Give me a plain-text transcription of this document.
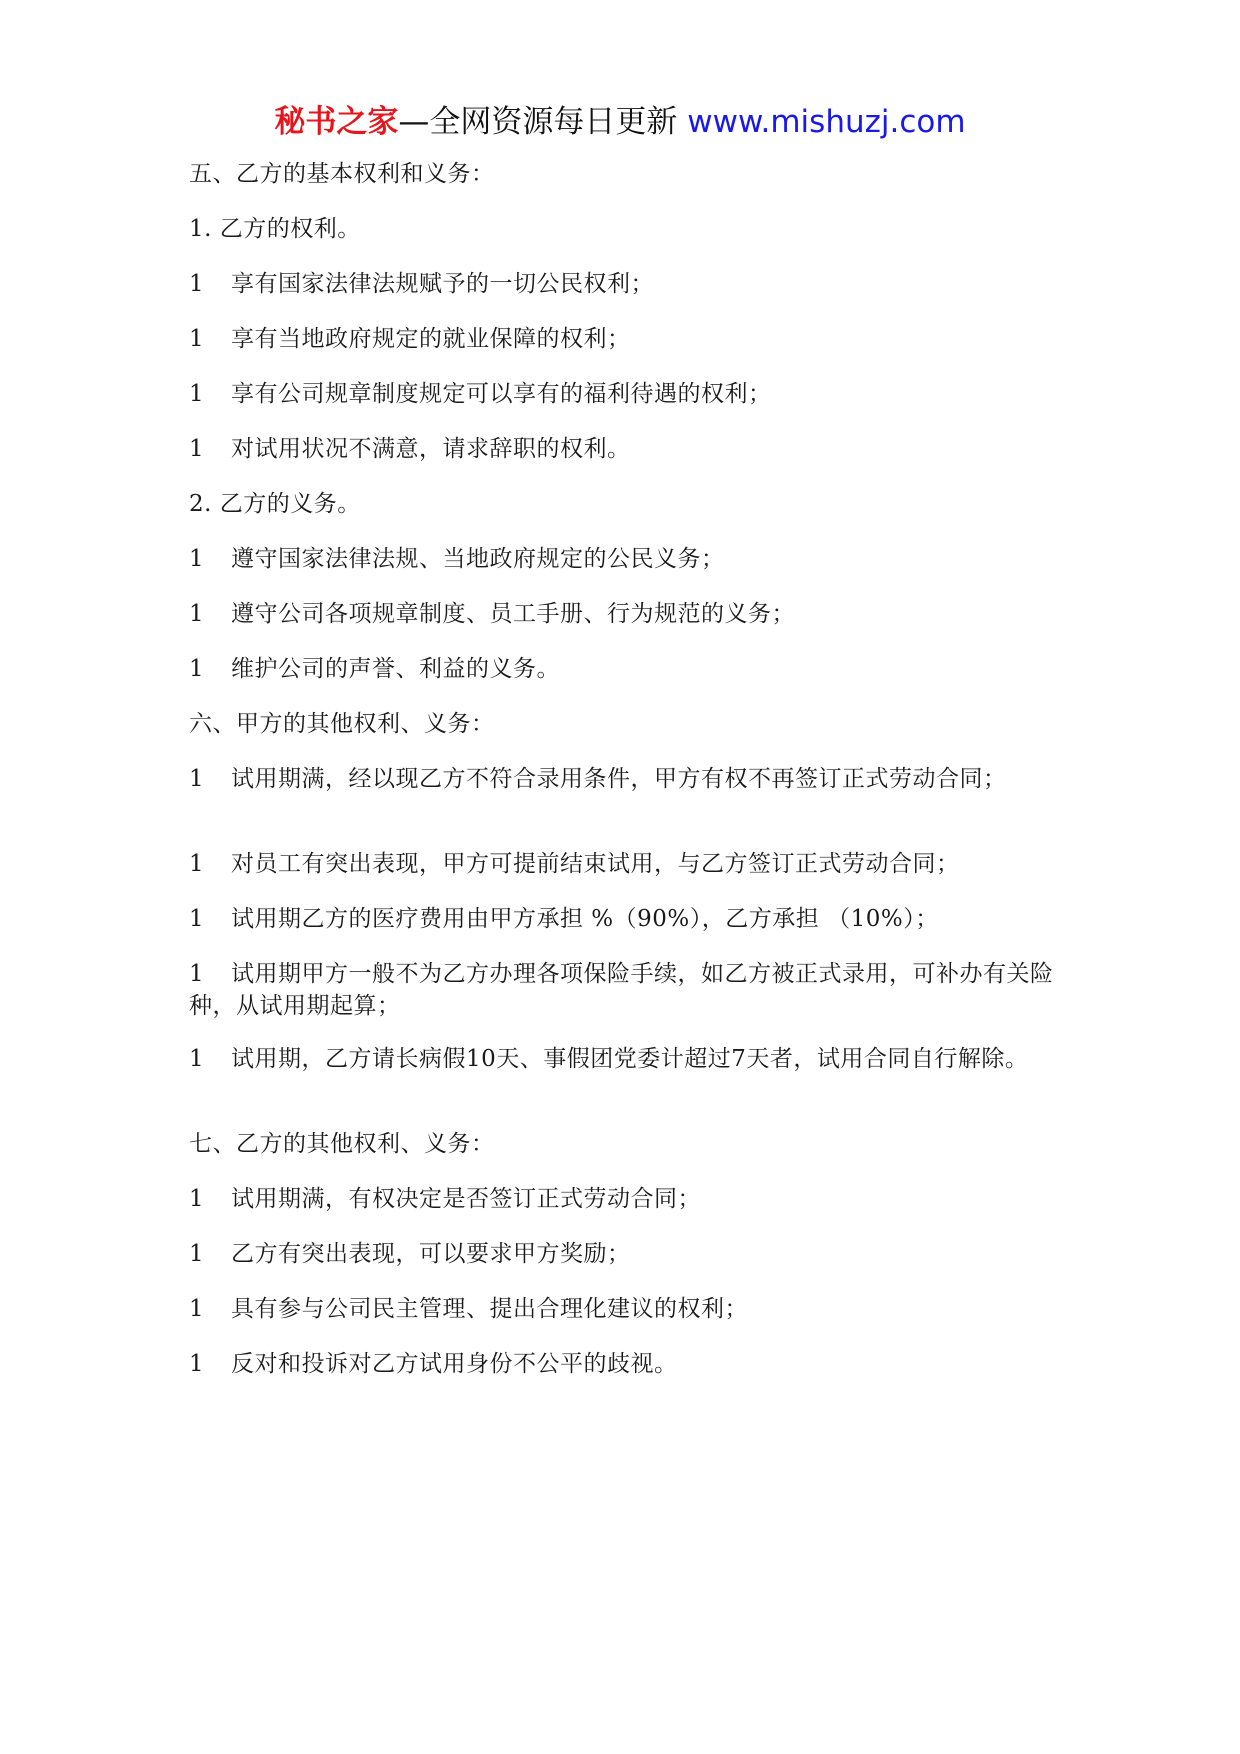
秘书之家—全网资源每日更新 www.mishuzj.com

五、乙方的基本权利和义务：

1. 乙方的权利。

1 享有国家法律法规赋予的一切公民权利；

1 享有当地政府规定的就业保障的权利；

1 享有公司规章制度规定可以享有的福利待遇的权利；

1 对试用状况不满意，请求辞职的权利。

2. 乙方的义务。

1 遵守国家法律法规、当地政府规定的公民义务；

1 遵守公司各项规章制度、员工手册、行为规范的义务；

1 维护公司的声誉、利益的义务。

六、甲方的其他权利、义务：

1 试用期满，经以现乙方不符合录用条件，甲方有权不再签订正式劳动合同；

1 对员工有突出表现，甲方可提前结束试用，与乙方签订正式劳动合同；

1 试用期乙方的医疗费用由甲方承担 %（90%），乙方承担 （10%）；

1 试用期甲方一般不为乙方办理各项保险手续，如乙方被正式录用，可补办有关险种，从试用期起算；

1 试用期，乙方请长病假10天、事假团党委计超过7天者，试用合同自行解除。

七、乙方的其他权利、义务：

1 试用期满，有权决定是否签订正式劳动合同；

1 乙方有突出表现，可以要求甲方奖励；

1 具有参与公司民主管理、提出合理化建议的权利；

1 反对和投诉对乙方试用身份不公平的歧视。
